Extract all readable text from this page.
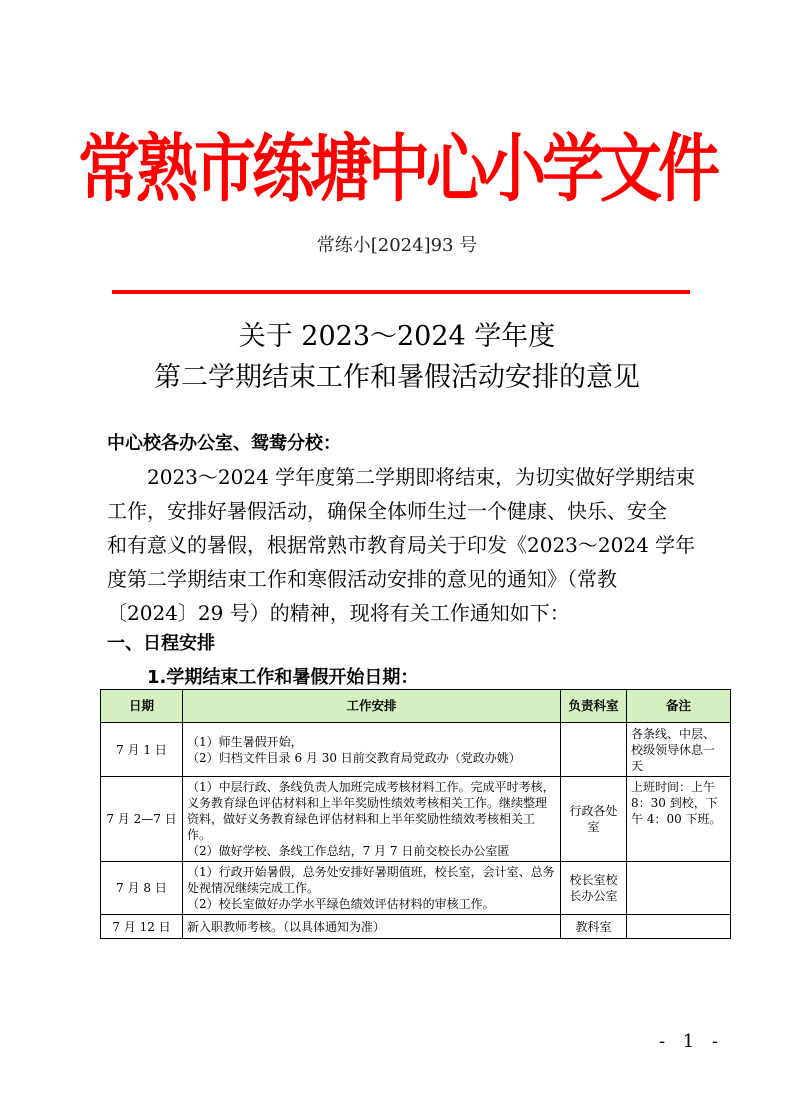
常熟市练塘中心小学文件
常练小[2024]93 号
关于 2023～2024 学年度
第二学期结束工作和暑假活动安排的意见
中心校各办公室、鸳鸯分校：
2023～2024 学年度第二学期即将结束，为切实做好学期结束
工作，安排好暑假活动，确保全体师生过一个健康、快乐、安全
和有意义的暑假，根据常熟市教育局关于印发《2023～2024 学年
度第二学期结束工作和寒假活动安排的意见的通知》（常教
〔2024〕29 号）的精神，现将有关工作通知如下：
一、日程安排
1.学期结束工作和暑假开始日期：
日期	工作安排	负责科室	备注
7 月 1 日	（1）师生暑假开始，
（2）归档文件目录 6 月 30 日前交教育局党政办（党政办姚）		各条线、中层、校级领导休息一天
7 月 2—7 日	（1）中层行政、条线负责人加班完成考核材料工作。完成平时考核，义务教育绿色评估材料和上半年奖励性绩效考核相关工作。继续整理资料，做好义务教育绿色评估材料和上半年奖励性绩效考核相关工作。
（2）做好学校、条线工作总结，7 月 7 日前交校长办公室匿	行政各处室	上班时间：上午 8：30 到校，下午 4：00 下班。
7 月 8 日	（1）行政开始暑假，总务处安排好暑期值班，校长室，会计室、总务处视情况继续完成工作。
（2）校长室做好办学水平绿色绩效评估材料的审核工作。	校长室校长办公室	
7 月 12 日	新入职教师考核。（以具体通知为准）	教科室	
- 1 -
